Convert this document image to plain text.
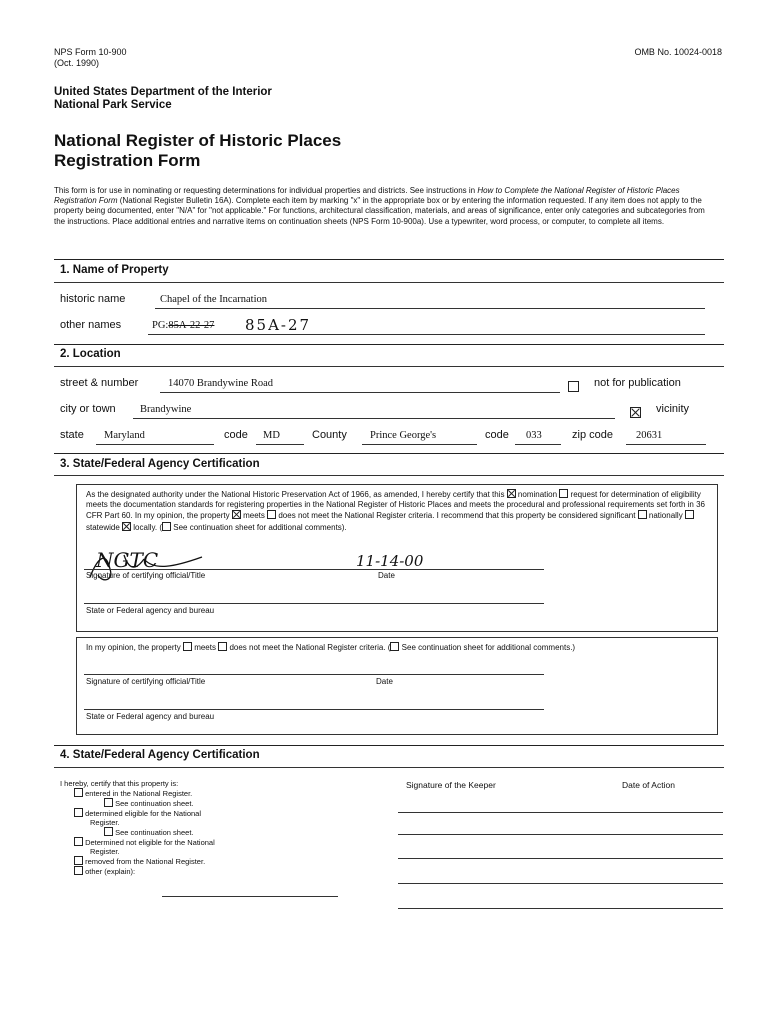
NPS Form 10-900
(Oct. 1990)
OMB No. 10024-0018
United States Department of the Interior
National Park Service
National Register of Historic Places
Registration Form
This form is for use in nominating or requesting determinations for individual properties and districts. See instructions in How to Complete the National Register of Historic Places Registration Form (National Register Bulletin 16A). Complete each item by marking "x" in the appropriate box or by entering the information requested. If any item does not apply to the property being documented, enter "N/A" for "not applicable." For functions, architectural classification, materials, and areas of significance, enter only categories and subcategories from the instructions. Place additional entries and narrative items on continuation sheets (NPS Form 10-900a). Use a typewriter, word process, or computer, to complete all items.
1. Name of Property
historic name	Chapel of the Incarnation
other names	PG:85A-22-27 85A-27
2. Location
street & number	14070 Brandywine Road	not for publication
city or town Brandywine	vicinity
state Maryland	code MD	County Prince George's	code 033	zip code 20631
3. State/Federal Agency Certification
As the designated authority under the National Historic Preservation Act of 1966, as amended, I hereby certify that this  nomination request for determination of eligibility meets the documentation standards for registering properties in the National Register of Historic Places and meets the procedural and professional requirements set forth in 36 CFR Part 60. In my opinion, the property  meets does not meet the National Register criteria. I recommend that this property be considered significant  nationally  statewide locally. ( See continuation sheet for additional comments).
NGTC	11-14-00
Signature of certifying official/Title	Date
State or Federal agency and bureau
In my opinion, the property  meets does not meet the National Register criteria. ( See continuation sheet for additional comments.)
Signature of certifying official/Title	Date
State or Federal agency and bureau
4. State/Federal Agency Certification
I hereby, certify that this property is:
entered in the National Register.
See continuation sheet.
determined eligible for the National
Register.
See continuation sheet.
Determined not eligible for the National
Register.
removed from the National Register.
other (explain):
Signature of the Keeper	Date of Action
